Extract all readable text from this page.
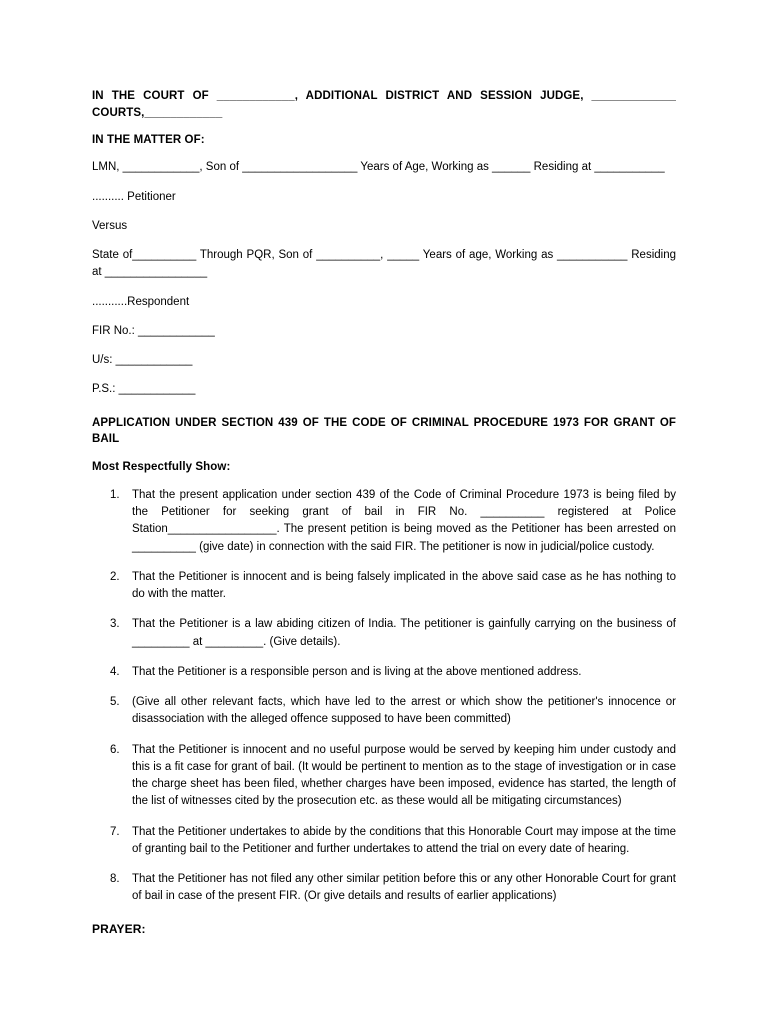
IN THE COURT OF ____________, ADDITIONAL DISTRICT AND SESSION JUDGE, _____________ COURTS,____________

IN THE MATTER OF:

LMN, ____________, Son of __________________ Years of Age, Working as ______ Residing at ___________

.......... Petitioner

Versus

State of__________ Through PQR, Son of __________, _____ Years of age, Working as ___________ Residing at ________________

...........Respondent

FIR No.: ____________

U/s: ____________

P.S.: ____________

APPLICATION UNDER SECTION 439 OF THE CODE OF CRIMINAL PROCEDURE 1973 FOR GRANT OF BAIL

Most Respectfully Show:

1.	That the present application under section 439 of the Code of Criminal Procedure 1973 is being filed by the Petitioner for seeking grant of bail in FIR No. __________ registered at Police Station_________________. The present petition is being moved as the Petitioner has been arrested on __________ (give date) in connection with the said FIR. The petitioner is now in judicial/police custody.
2.	That the Petitioner is innocent and is being falsely implicated in the above said case as he has nothing to do with the matter.
3.	That the Petitioner is a law abiding citizen of India. The petitioner is gainfully carrying on the business of _________ at _________. (Give details).
4.	That the Petitioner is a responsible person and is living at the above mentioned address.
5.	(Give all other relevant facts, which have led to the arrest or which show the petitioner's innocence or disassociation with the alleged offence supposed to have been committed)
6.	That the Petitioner is innocent and no useful purpose would be served by keeping him under custody and this is a fit case for grant of bail. (It would be pertinent to mention as to the stage of investigation or in case the charge sheet has been filed, whether charges have been imposed, evidence has started, the length of the list of witnesses cited by the prosecution etc. as these would all be mitigating circumstances)
7.	That the Petitioner undertakes to abide by the conditions that this Honorable Court may impose at the time of granting bail to the Petitioner and further undertakes to attend the trial on every date of hearing.
8.	That the Petitioner has not filed any other similar petition before this or any other Honorable Court for grant of bail in case of the present FIR. (Or give details and results of earlier applications)

PRAYER:
